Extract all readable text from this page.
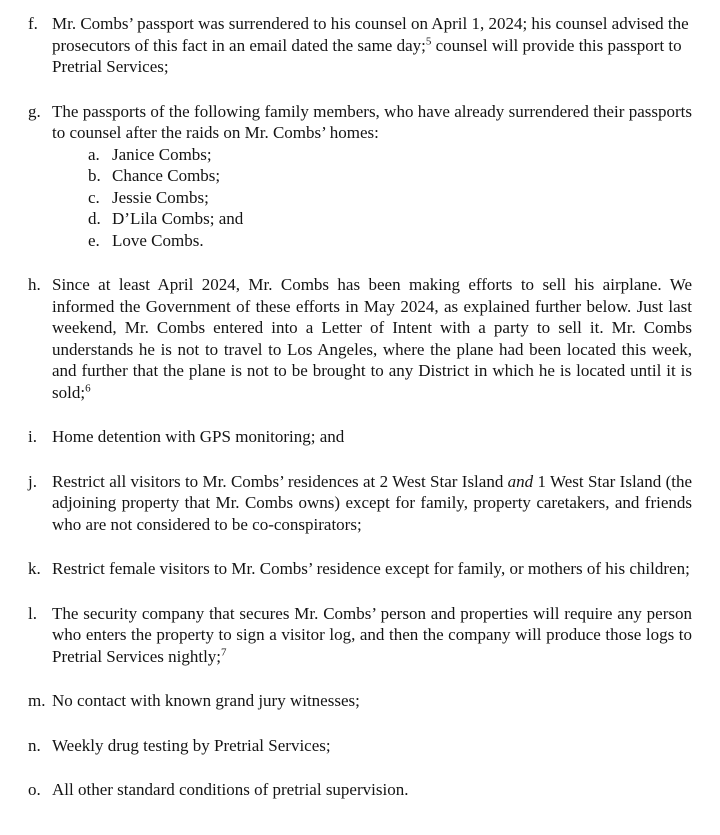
f. Mr. Combs’ passport was surrendered to his counsel on April 1, 2024; his counsel advised the prosecutors of this fact in an email dated the same day;$^5$ counsel will provide this passport to Pretrial Services;
g. The passports of the following family members, who have already surrendered their passports to counsel after the raids on Mr. Combs’ homes:
a. Janice Combs;
b. Chance Combs;
c. Jessie Combs;
d. D’Lila Combs; and
e. Love Combs.
h. Since at least April 2024, Mr. Combs has been making efforts to sell his airplane. We informed the Government of these efforts in May 2024, as explained further below. Just last weekend, Mr. Combs entered into a Letter of Intent with a party to sell it. Mr. Combs understands he is not to travel to Los Angeles, where the plane had been located this week, and further that the plane is not to be brought to any District in which he is located until it is sold;$^6$
i. Home detention with GPS monitoring; and
j. Restrict all visitors to Mr. Combs’ residences at 2 West Star Island and 1 West Star Island (the adjoining property that Mr. Combs owns) except for family, property caretakers, and friends who are not considered to be co-conspirators;
k. Restrict female visitors to Mr. Combs’ residence except for family, or mothers of his children;
l. The security company that secures Mr. Combs’ person and properties will require any person who enters the property to sign a visitor log, and then the company will produce those logs to Pretrial Services nightly;$^7$
m. No contact with known grand jury witnesses;
n. Weekly drug testing by Pretrial Services;
o. All other standard conditions of pretrial supervision.
